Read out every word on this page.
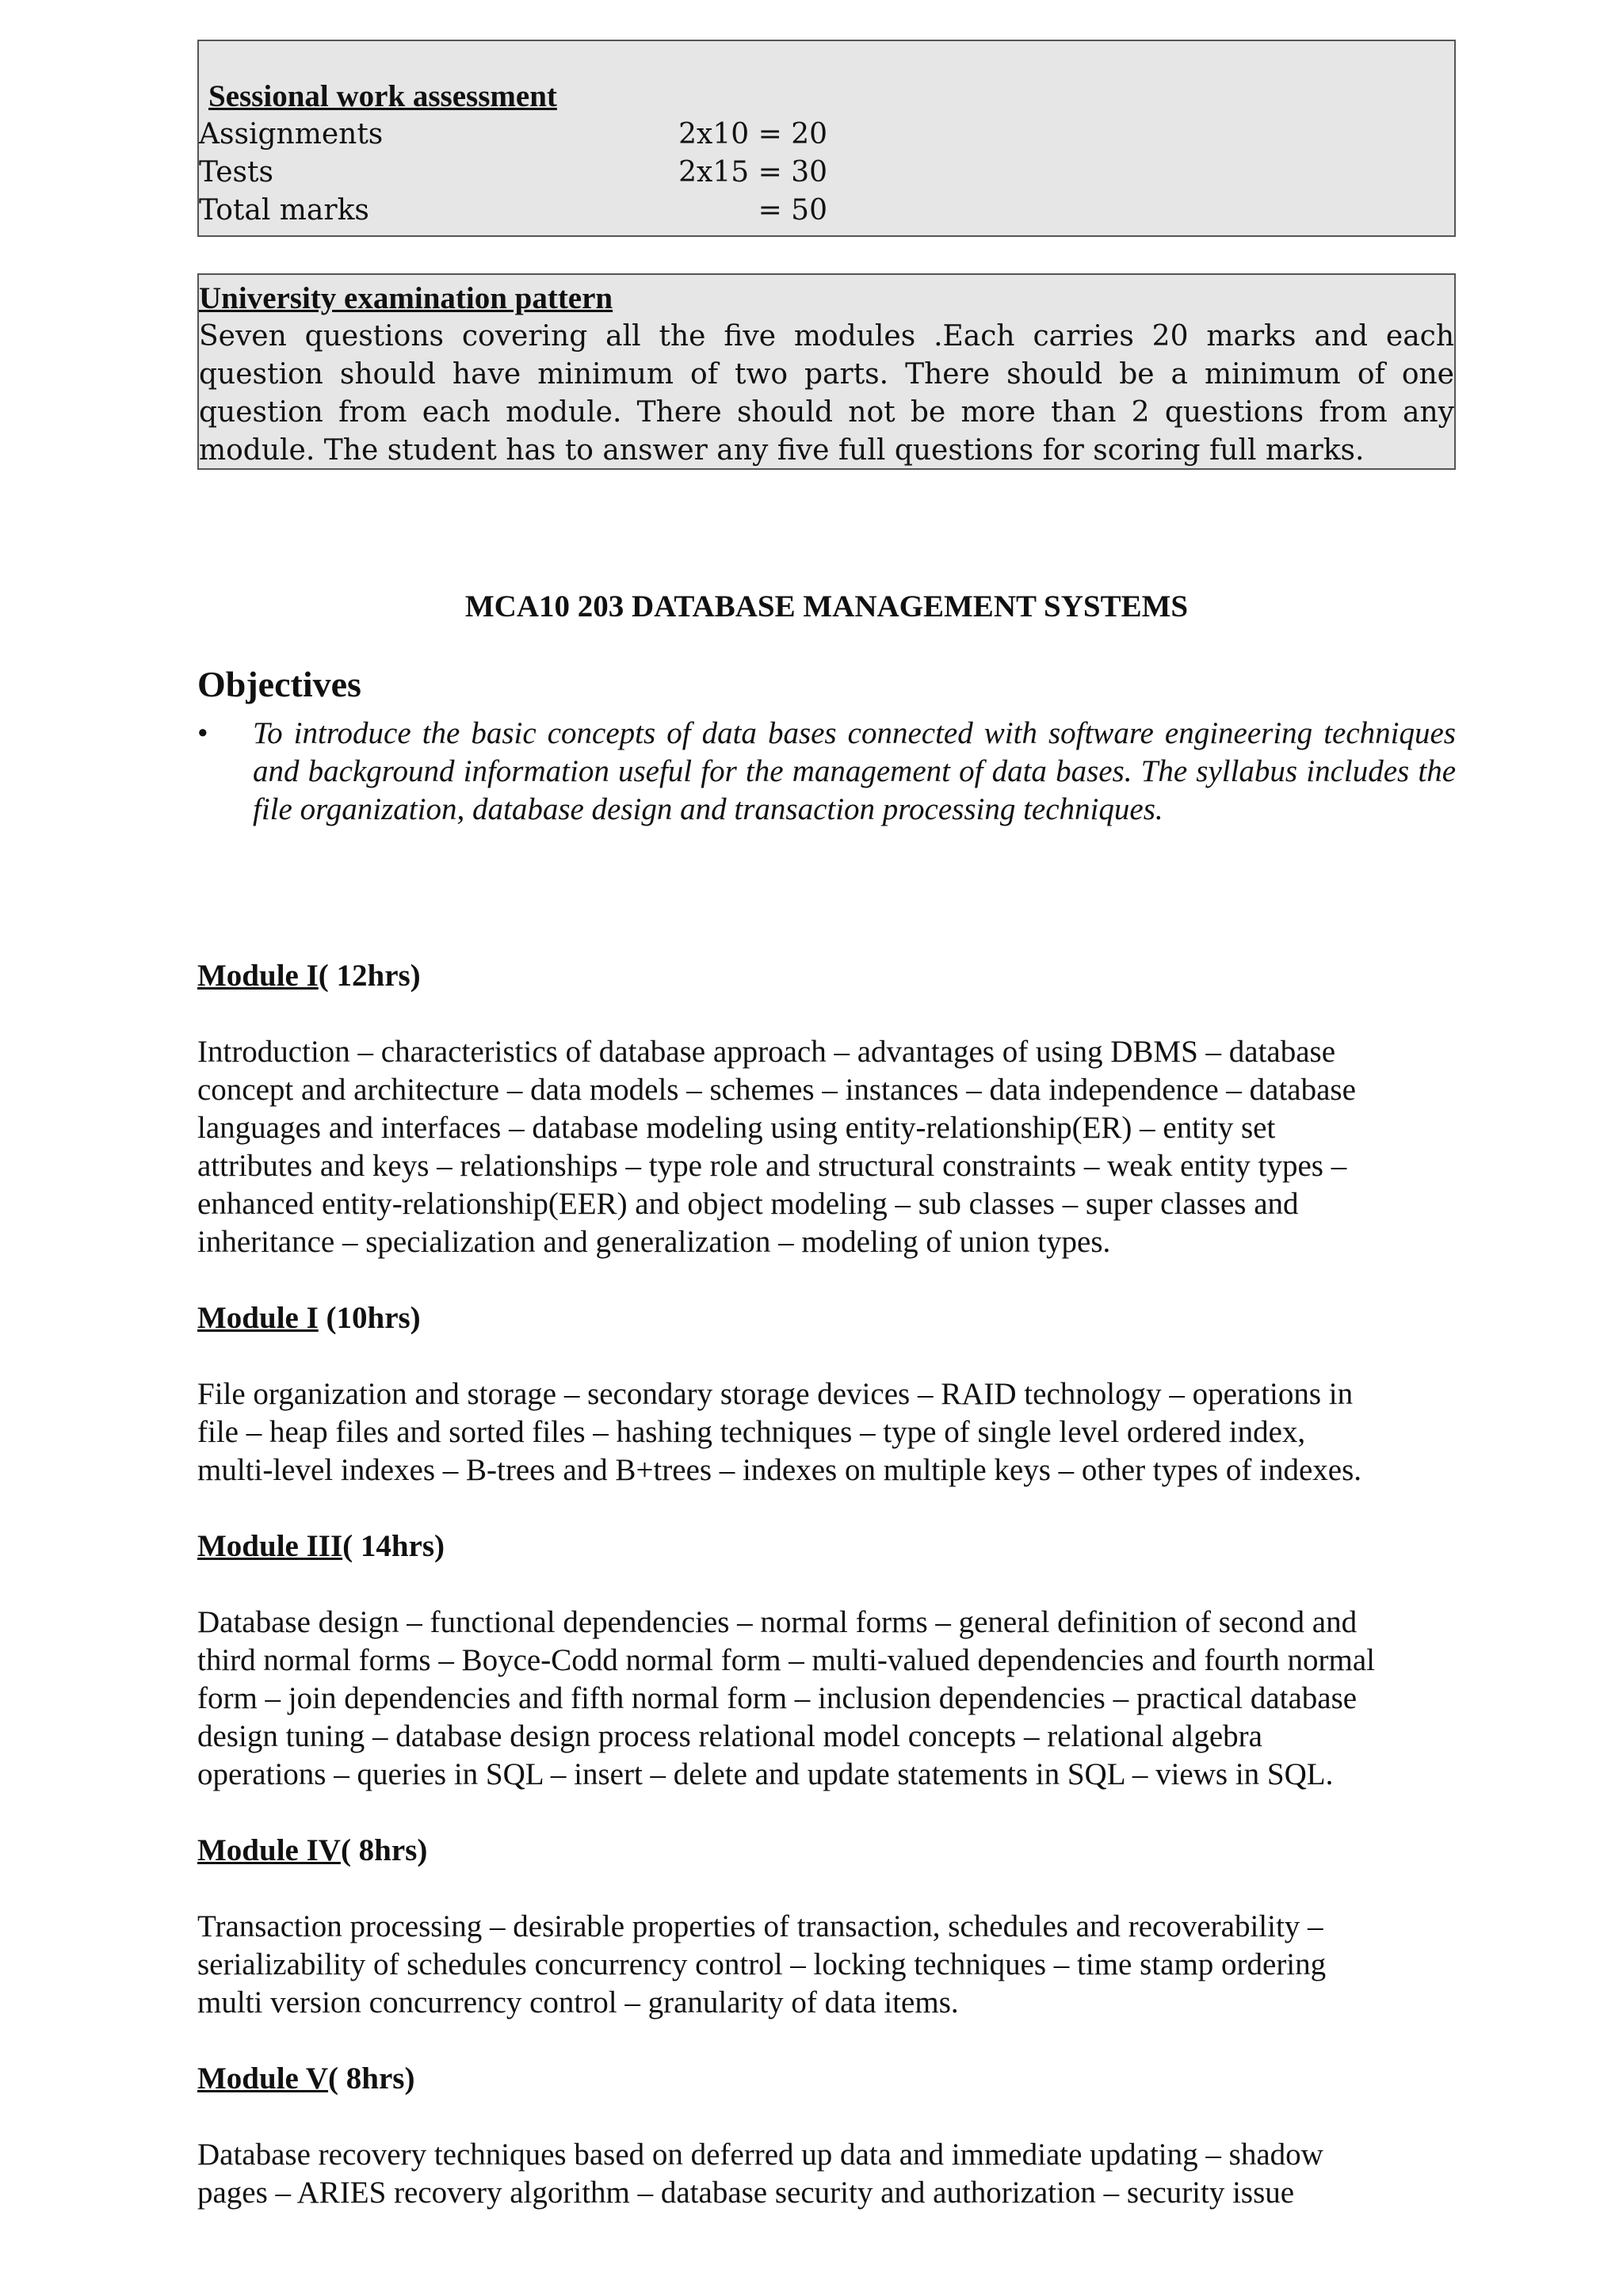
Sessional work assessment
Assignments	2x10 = 20
Tests	2x15 = 30
Total marks	= 50
University examination pattern
Seven questions covering all the five modules .Each carries 20 marks and each question should have minimum of two parts. There should be a minimum of one question from each module. There should not be more than 2 questions from any module. The student has to answer any five full questions for scoring full marks.
MCA10 203 DATABASE MANAGEMENT SYSTEMS
Objectives
• To introduce the basic concepts of data bases connected with software engineering techniques and background information useful for the management of data bases. The syllabus includes the file organization, database design and transaction processing techniques.
Module I( 12hrs)
Introduction – characteristics of database approach – advantages of using DBMS – database
concept and architecture – data models – schemes – instances – data independence – database
languages and interfaces – database modeling using entity-relationship(ER) – entity set
attributes and keys – relationships – type role and structural constraints – weak entity types –
enhanced entity-relationship(EER) and object modeling – sub classes – super classes and
inheritance – specialization and generalization – modeling of union types.
Module I (10hrs)
File organization and storage – secondary storage devices – RAID technology – operations in
file – heap files and sorted files – hashing techniques – type of single level ordered index,
multi-level indexes – B-trees and B+trees – indexes on multiple keys – other types of indexes.
Module III( 14hrs)
Database design – functional dependencies – normal forms – general definition of second and
third normal forms – Boyce-Codd normal form – multi-valued dependencies and fourth normal
form – join dependencies and fifth normal form – inclusion dependencies – practical database
design tuning – database design process relational model concepts – relational algebra
operations – queries in SQL – insert – delete and update statements in SQL – views in SQL.
Module IV( 8hrs)
Transaction processing – desirable properties of transaction, schedules and recoverability –
serializability of schedules concurrency control – locking techniques – time stamp ordering
multi version concurrency control – granularity of data items.
Module V( 8hrs)
Database recovery techniques based on deferred up data and immediate updating – shadow
pages – ARIES recovery algorithm – database security and authorization – security issue
